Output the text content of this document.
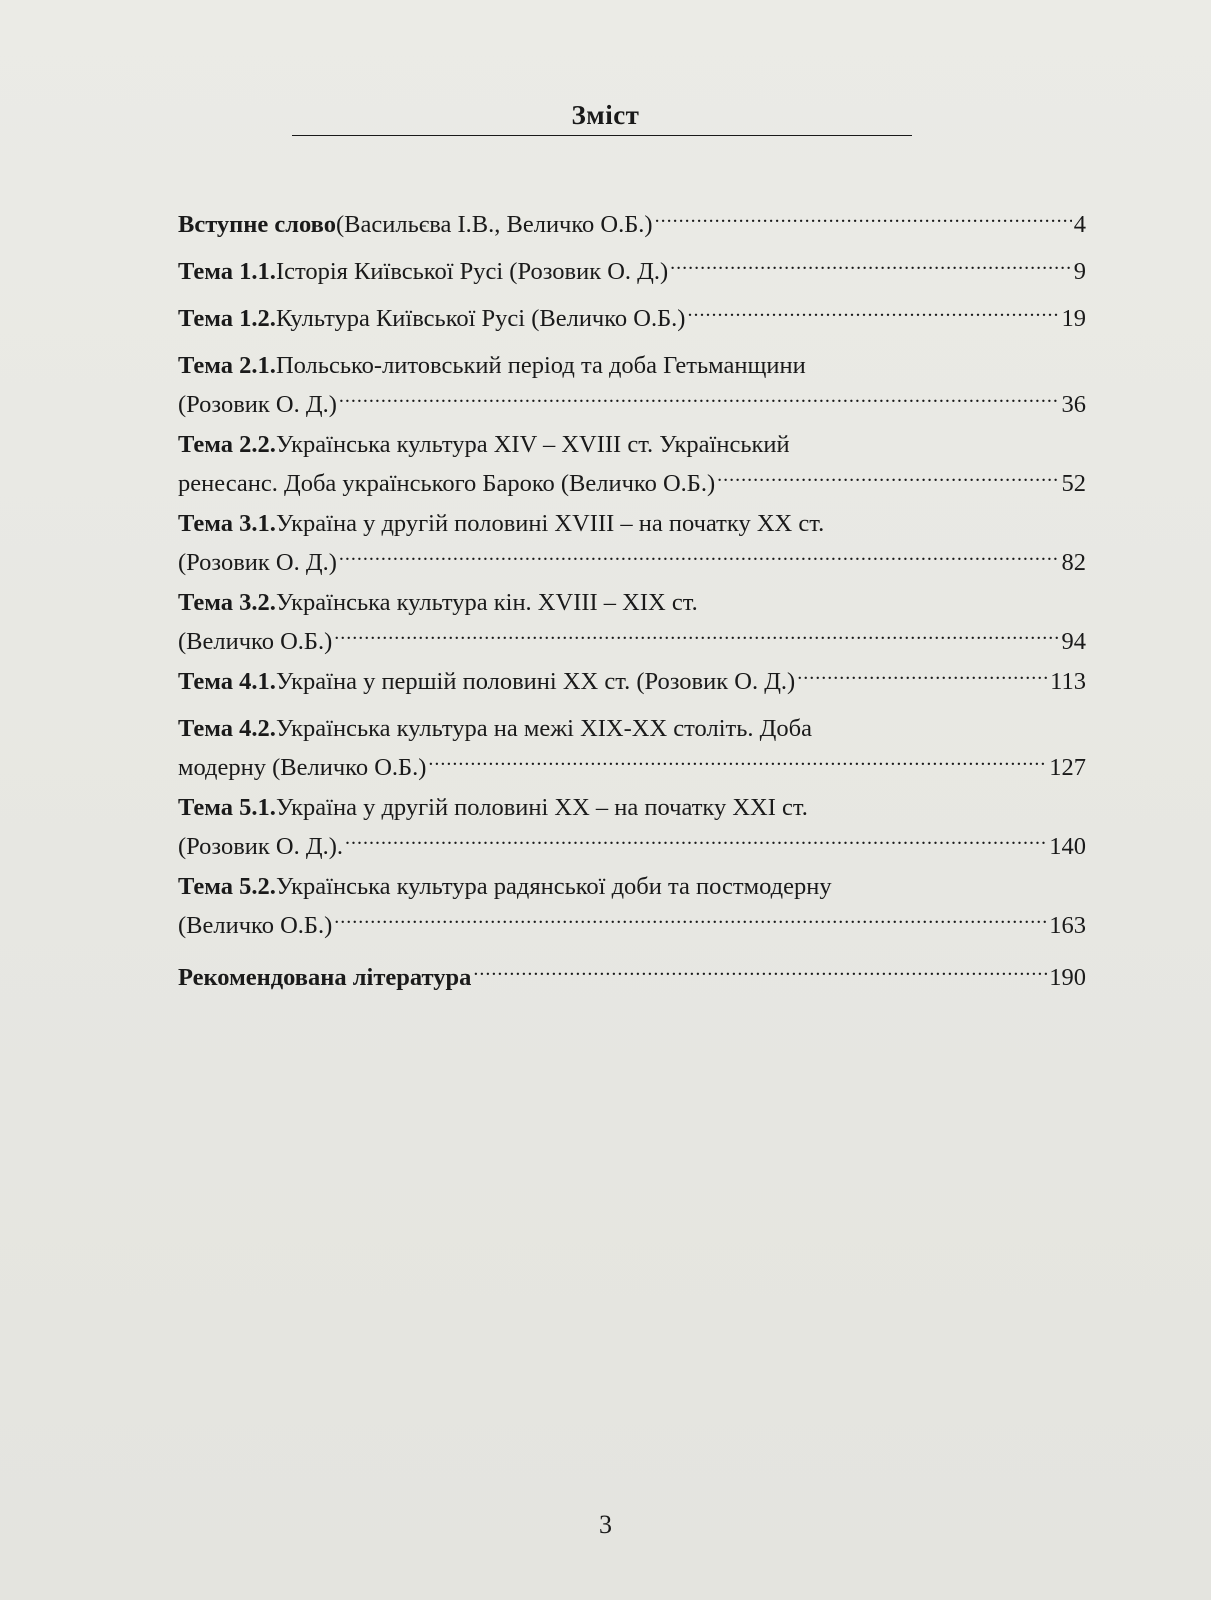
Зміст
Вступне слово (Васильєва І.В., Величко О.Б.) .....	4
Тема 1.1. Історія Київської Русі (Розовик О. Д.) .....	9
Тема 1.2. Культура Київської Русі (Величко О.Б.) .....	19
Тема 2.1. Польсько-литовський період та доба Гетьманщини
(Розовик О. Д.) .....	36
Тема 2.2. Українська культура XIV – XVIII ст. Український
ренесанс. Доба українського Бароко (Величко О.Б.) .....	52
Тема 3.1. Україна у другій половині XVIII – на початку XX ст.
(Розовик О. Д.) .....	82
Тема 3.2. Українська культура кін. XVIII – XIX ст.
(Величко О.Б.) .....	94
Тема 4.1. Україна у першій половині XX ст. (Розовик О. Д.) .....	113
Тема 4.2. Українська культура на межі XIX-XX століть. Доба
модерну (Величко О.Б.) .....	127
Тема 5.1. Україна у другій половині XX – на початку XXI ст.
(Розовик О. Д.). .....	140
Тема 5.2. Українська культура радянської доби та постмодерну
(Величко О.Б.) .....	163
Рекомендована література .....	190
3
